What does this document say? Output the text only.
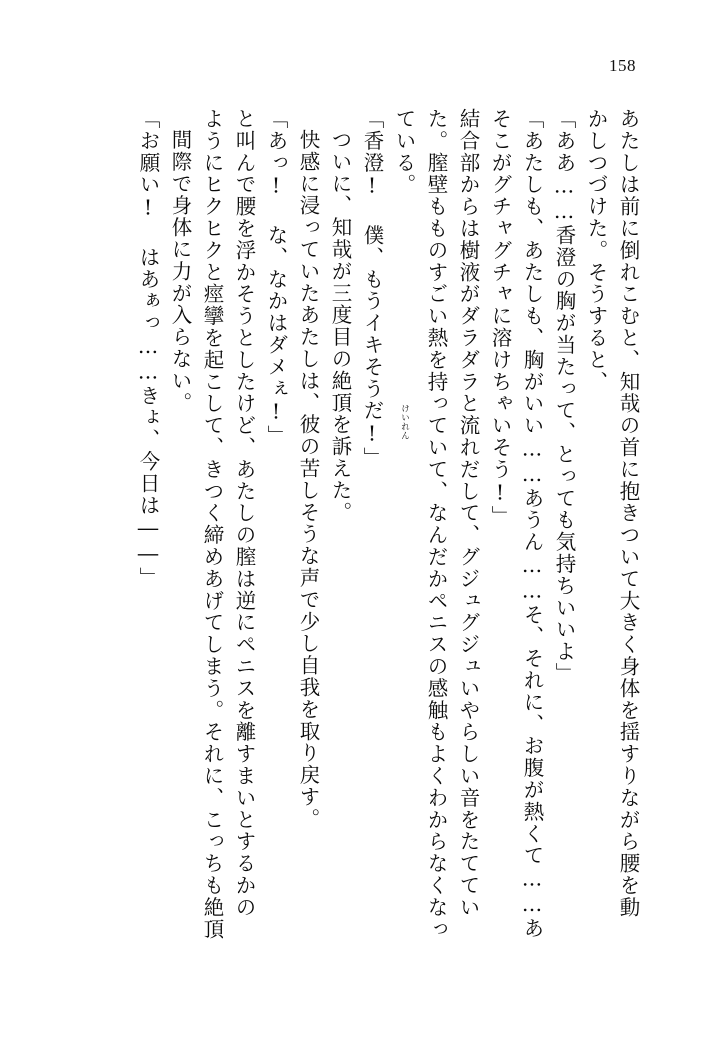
158
あたしは前に倒れこむと、知哉の首に抱きついて大きく身体を揺すりながら腰を動
かしつづけた。そうすると、
「ああ……香澄の胸が当たって、とっても気持ちいいよ」
「あたしも、あたしも、胸がいい……あうん……そ、それに、お腹が熱くて……あ
そこがグチャグチャに溶けちゃいそう!」
結合部からは樹液がダラダラと流れだして、グジュグジュいやらしい音をたててい
た。膣壁もものすごい熱を持っていて、なんだかペニスの感触もよくわからなくなっ
ている。
「香澄! 僕、もうイキそうだ!」
ついに、知哉が三度目の絶頂を訴えた。
快感に浸っていたあたしは、彼の苦しそうな声で少し自我を取り戻す。
「あっ! な、なかはダメぇ!」
と叫んで腰を浮かそうとしたけど、あたしの膣は逆にペニスを離すまいとするかの
ようにヒクヒクと痙攣を起こして、きつく締めあげてしまう。それに、こっちも絶頂
間際で身体に力が入らない。
「お願い! はあぁっ……きょ、今日は――」	けいれん
